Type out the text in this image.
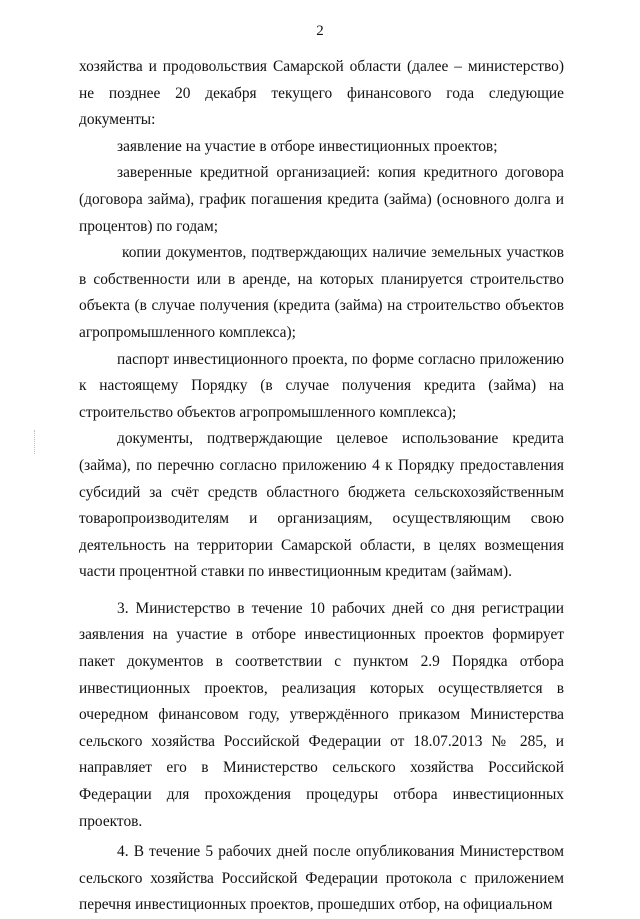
2

хозяйства и продовольствия Самарской области (далее – министерство) не позднее 20 декабря текущего финансового года следующие документы:

заявление на участие в отборе инвестиционных проектов;

заверенные кредитной организацией: копия кредитного договора (договора займа), график погашения кредита (займа) (основного долга и процентов) по годам;

копии документов, подтверждающих наличие земельных участков в собственности или в аренде, на которых планируется строительство объекта (в случае получения (кредита (займа) на строительство объектов агропромышленного комплекса);

паспорт инвестиционного проекта, по форме согласно приложению к настоящему Порядку (в случае получения кредита (займа) на строительство объектов агропромышленного комплекса);

документы, подтверждающие целевое использование кредита (займа), по перечню согласно приложению 4 к Порядку предоставления субсидий за счёт средств областного бюджета сельскохозяйственным товаропроизводителям и организациям, осуществляющим свою деятельность на территории Самарской области, в целях возмещения части процентной ставки по инвестиционным кредитам (займам).

3. Министерство в течение 10 рабочих дней со дня регистрации заявления на участие в отборе инвестиционных проектов формирует пакет документов в соответствии с пунктом 2.9 Порядка отбора инвестиционных проектов, реализация которых осуществляется в очередном финансовом году, утверждённого приказом Министерства сельского хозяйства Российской Федерации от 18.07.2013 № 285, и направляет его в Министерство сельского хозяйства Российской Федерации для прохождения процедуры отбора инвестиционных проектов.

4. В течение 5 рабочих дней после опубликования Министерством сельского хозяйства Российской Федерации протокола с приложением перечня инвестиционных проектов, прошедших отбор, на официальном
